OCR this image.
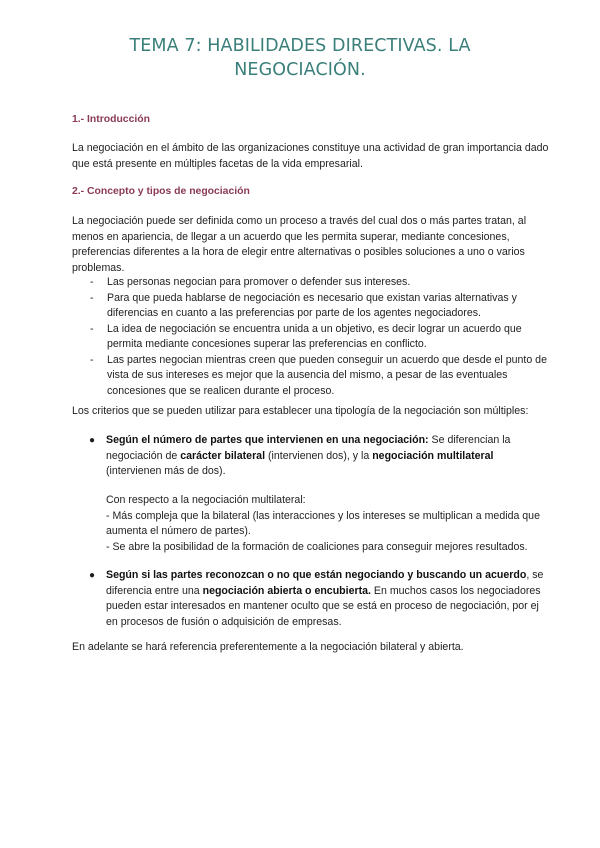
TEMA 7: HABILIDADES DIRECTIVAS. LA
NEGOCIACIÓN.
1.- Introducción
La negociación en el ámbito de las organizaciones constituye una actividad de gran importancia dado que está presente en múltiples facetas de la vida empresarial.
2.- Concepto y tipos de negociación
La negociación puede ser definida como un proceso a través del cual dos o más partes tratan, al menos en apariencia, de llegar a un acuerdo que les permita superar, mediante concesiones, preferencias diferentes a la hora de elegir entre alternativas o posibles soluciones a uno o varios problemas.
- Las personas negocian para promover o defender sus intereses.
- Para que pueda hablarse de negociación es necesario que existan varias alternativas y diferencias en cuanto a las preferencias por parte de los agentes negociadores.
- La idea de negociación se encuentra unida a un objetivo, es decir lograr un acuerdo que permita mediante concesiones superar las preferencias en conflicto.
- Las partes negocian mientras creen que pueden conseguir un acuerdo que desde el punto de vista de sus intereses es mejor que la ausencia del mismo, a pesar de las eventuales concesiones que se realicen durante el proceso.
Los criterios que se pueden utilizar para establecer una tipología de la negociación son múltiples:
● Según el número de partes que intervienen en una negociación: Se diferencian la negociación de carácter bilateral (intervienen dos), y la negociación multilateral (intervienen más de dos).
Con respecto a la negociación multilateral:
- Más compleja que la bilateral (las interacciones y los intereses se multiplican a medida que aumenta el número de partes).
- Se abre la posibilidad de la formación de coaliciones para conseguir mejores resultados.
● Según si las partes reconozcan o no que están negociando y buscando un acuerdo, se diferencia entre una negociación abierta o encubierta. En muchos casos los negociadores pueden estar interesados en mantener oculto que se está en proceso de negociación, por ej en procesos de fusión o adquisición de empresas.
En adelante se hará referencia preferentemente a la negociación bilateral y abierta.
